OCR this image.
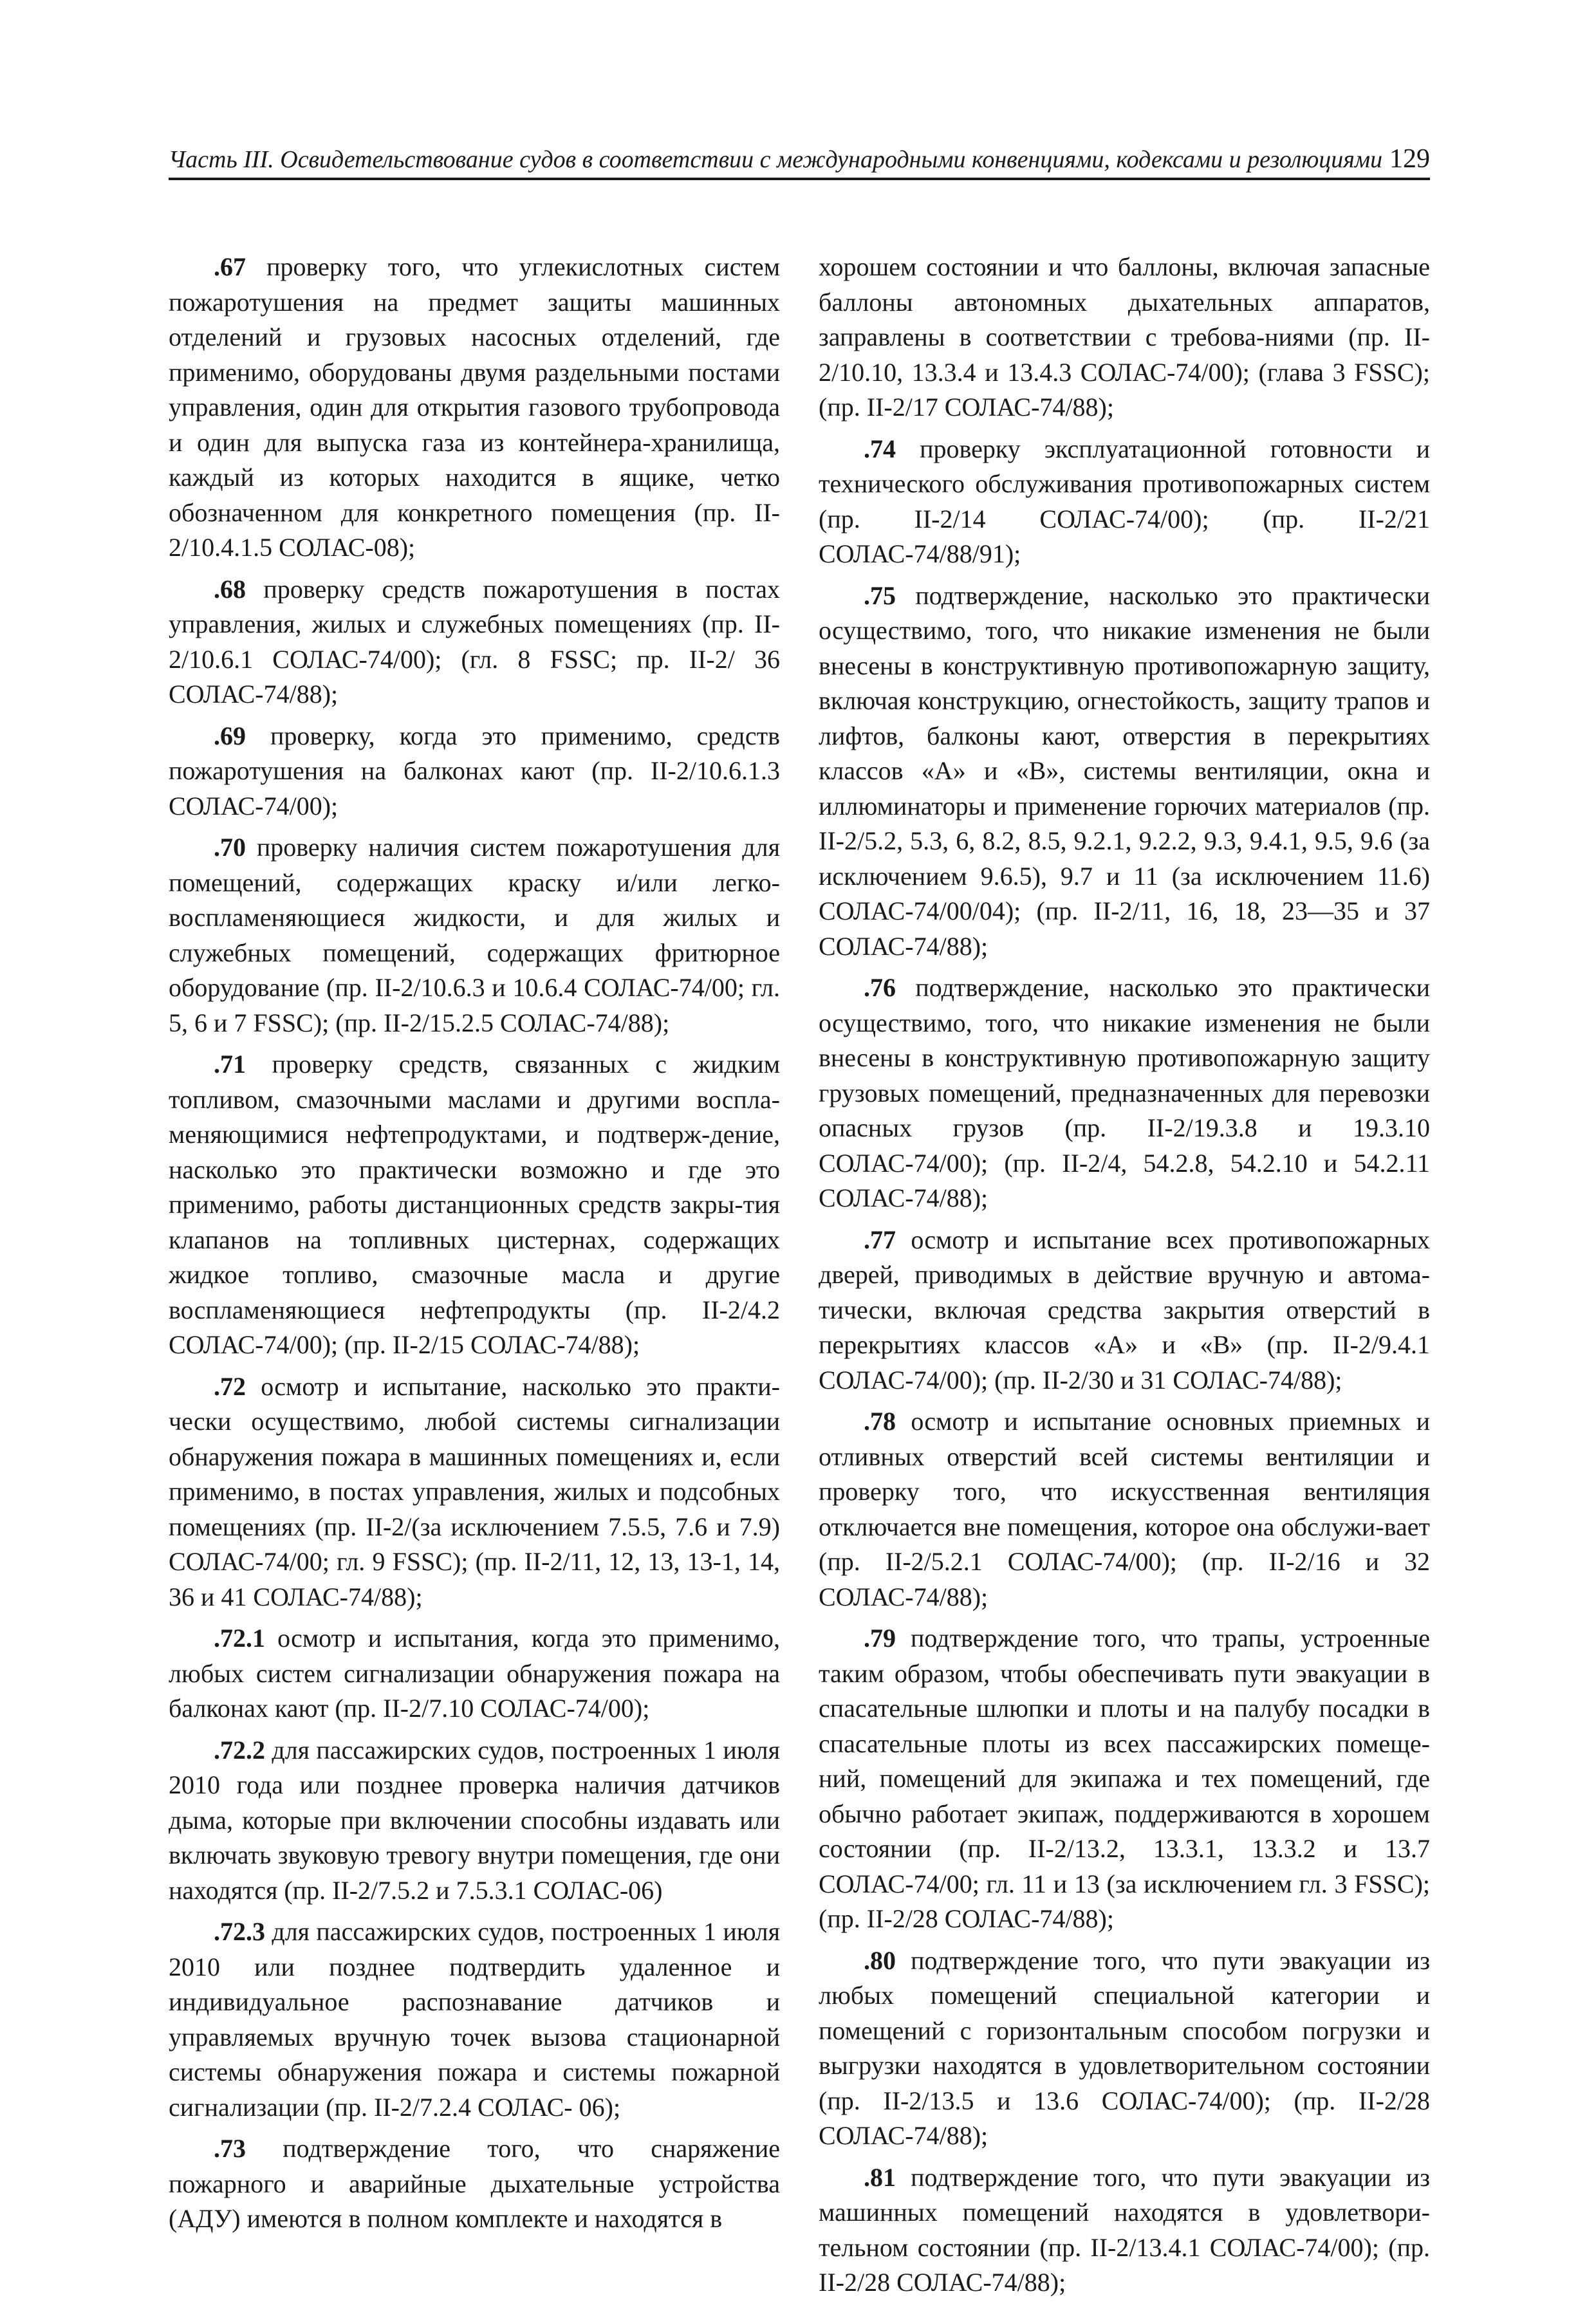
Часть III. Освидетельствование судов в соответствии с международными конвенциями, кодексами и резолюциями 129

.67 проверку того, что углекислотных систем пожаротушения на предмет защиты машинных отделений и грузовых насосных отделений, где применимо, оборудованы двумя раздельными постами управления, один для открытия газового трубопровода и один для выпуска газа из контейнера-хранилища, каждый из которых находится в ящике, четко обозначенном для конкретного помещения (пр. II-2/10.4.1.5 СОЛАС-08);

.68 проверку средств пожаротушения в постах управления, жилых и служебных помещениях (пр. II-2/10.6.1 СОЛАС-74/00); (гл. 8 FSSC; пр. II-2/ 36 СОЛАС-74/88);

.69 проверку, когда это применимо, средств пожаротушения на балконах кают (пр. II-2/10.6.1.3 СОЛАС-74/00);

.70 проверку наличия систем пожаротушения для помещений, содержащих краску и/или легко-воспламеняющиеся жидкости, и для жилых и служебных помещений, содержащих фритюрное оборудование (пр. II-2/10.6.3 и 10.6.4 СОЛАС-74/00; гл. 5, 6 и 7 FSSC); (пр. II-2/15.2.5 СОЛАС-74/88);

.71 проверку средств, связанных с жидким топливом, смазочными маслами и другими воспла-меняющимися нефтепродуктами, и подтверж-дение, насколько это практически возможно и где это применимо, работы дистанционных средств закры-тия клапанов на топливных цистернах, содержащих жидкое топливо, смазочные масла и другие воспламеняющиеся нефтепродукты (пр. II-2/4.2 СОЛАС-74/00); (пр. II-2/15 СОЛАС-74/88);

.72 осмотр и испытание, насколько это практи-чески осуществимо, любой системы сигнализации обнаружения пожара в машинных помещениях и, если применимо, в постах управления, жилых и подсобных помещениях (пр. II-2/(за исключением 7.5.5, 7.6 и 7.9) СОЛАС-74/00; гл. 9 FSSC); (пр. II-2/11, 12, 13, 13-1, 14, 36 и 41 СОЛАС-74/88);

.72.1 осмотр и испытания, когда это применимо, любых систем сигнализации обнаружения пожара на балконах кают (пр. II-2/7.10 СОЛАС-74/00);

.72.2 для пассажирских судов, построенных 1 июля 2010 года или позднее проверка наличия датчиков дыма, которые при включении способны издавать или включать звуковую тревогу внутри помещения, где они находятся (пр. II-2/7.5.2 и 7.5.3.1 СОЛАС-06)

.72.3 для пассажирских судов, построенных 1 июля 2010 или позднее подтвердить удаленное и индивидуальное распознавание датчиков и управляемых вручную точек вызова стационарной системы обнаружения пожара и системы пожарной сигнализации (пр. II-2/7.2.4 СОЛАС- 06);

.73 подтверждение того, что снаряжение пожарного и аварийные дыхательные устройства (АДУ) имеются в полном комплекте и находятся в

хорошем состоянии и что баллоны, включая запасные баллоны автономных дыхательных аппаратов, заправлены в соответствии с требова-ниями (пр. II-2/10.10, 13.3.4 и 13.4.3 СОЛАС-74/00); (глава 3 FSSC); (пр. II-2/17 СОЛАС-74/88);

.74 проверку эксплуатационной готовности и технического обслуживания противопожарных систем (пр. II-2/14 СОЛАС-74/00); (пр. II-2/21 СОЛАС-74/88/91);

.75 подтверждение, насколько это практически осуществимо, того, что никакие изменения не были внесены в конструктивную противопожарную защиту, включая конструкцию, огнестойкость, защиту трапов и лифтов, балконы кают, отверстия в перекрытиях классов «А» и «В», системы вентиляции, окна и иллюминаторы и применение горючих материалов (пр. II-2/5.2, 5.3, 6, 8.2, 8.5, 9.2.1, 9.2.2, 9.3, 9.4.1, 9.5, 9.6 (за исключением 9.6.5), 9.7 и 11 (за исключением 11.6) СОЛАС-74/00/04); (пр. II-2/11, 16, 18, 23—35 и 37 СОЛАС-74/88);

.76 подтверждение, насколько это практически осуществимо, того, что никакие изменения не были внесены в конструктивную противопожарную защиту грузовых помещений, предназначенных для перевозки опасных грузов (пр. II-2/19.3.8 и 19.3.10 СОЛАС-74/00); (пр. II-2/4, 54.2.8, 54.2.10 и 54.2.11 СОЛАС-74/88);

.77 осмотр и испытание всех противопожарных дверей, приводимых в действие вручную и автома-тически, включая средства закрытия отверстий в перекрытиях классов «А» и «В» (пр. II-2/9.4.1 СОЛАС-74/00); (пр. II-2/30 и 31 СОЛАС-74/88);

.78 осмотр и испытание основных приемных и отливных отверстий всей системы вентиляции и проверку того, что искусственная вентиляция отключается вне помещения, которое она обслужи-вает (пр. II-2/5.2.1 СОЛАС-74/00); (пр. II-2/16 и 32 СОЛАС-74/88);

.79 подтверждение того, что трапы, устроенные таким образом, чтобы обеспечивать пути эвакуации в спасательные шлюпки и плоты и на палубу посадки в спасательные плоты из всех пассажирских помеще-ний, помещений для экипажа и тех помещений, где обычно работает экипаж, поддерживаются в хорошем состоянии (пр. II-2/13.2, 13.3.1, 13.3.2 и 13.7 СОЛАС-74/00; гл. 11 и 13 (за исключением гл. 3 FSSC); (пр. II-2/28 СОЛАС-74/88);

.80 подтверждение того, что пути эвакуации из любых помещений специальной категории и помещений с горизонтальным способом погрузки и выгрузки находятся в удовлетворительном состоянии (пр. II-2/13.5 и 13.6 СОЛАС-74/00); (пр. II-2/28 СОЛАС-74/88);

.81 подтверждение того, что пути эвакуации из машинных помещений находятся в удовлетвори-тельном состоянии (пр. II-2/13.4.1 СОЛАС-74/00); (пр. II-2/28 СОЛАС-74/88);
